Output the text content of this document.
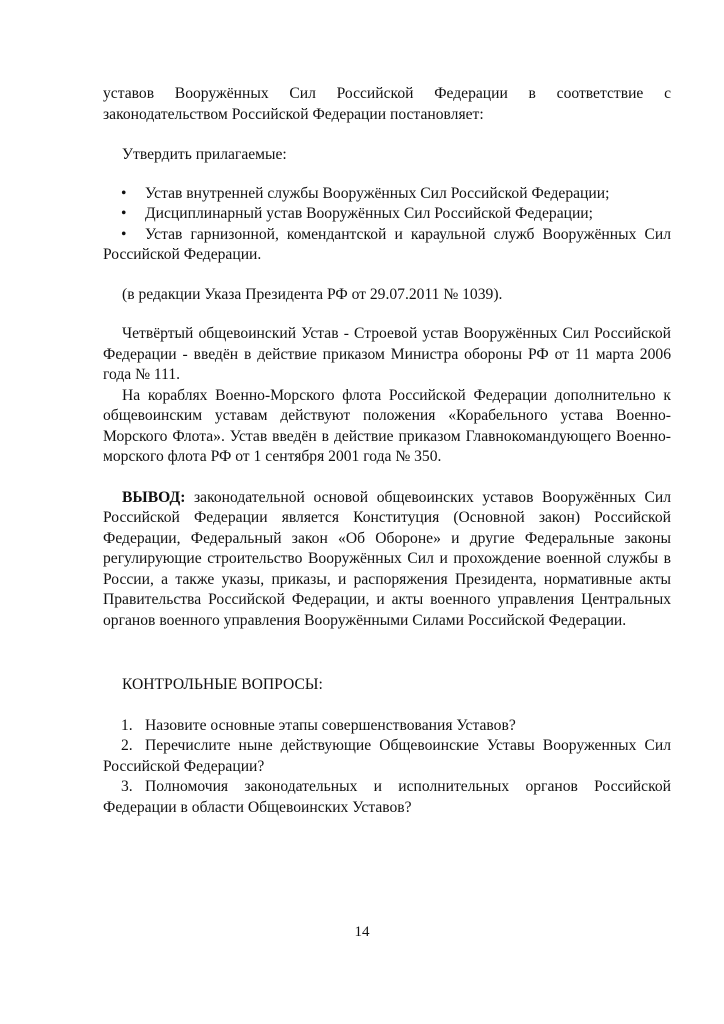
уставов Вооружённых Сил Российской Федерации в соответствие с законодательством Российской Федерации постановляет:

Утвердить прилагаемые:

• Устав внутренней службы Вооружённых Сил Российской Федерации;
• Дисциплинарный устав Вооружённых Сил Российской Федерации;
• Устав гарнизонной, комендантской и караульной служб Вооружённых Сил Российской Федерации.

(в редакции Указа Президента РФ от 29.07.2011 № 1039).

Четвёртый общевоинский Устав - Строевой устав Вооружённых Сил Российской Федерации - введён в действие приказом Министра обороны РФ от 11 марта 2006 года № 111.

На кораблях Военно-Морского флота Российской Федерации дополнительно к общевоинским уставам действуют положения «Корабельного устава Военно-Морского Флота». Устав введён в действие приказом Главнокомандующего Военно-морского флота РФ от 1 сентября 2001 года № 350.

ВЫВОД: законодательной основой общевоинских уставов Вооружённых Сил Российской Федерации является Конституция (Основной закон) Российской Федерации, Федеральный закон «Об Обороне» и другие Федеральные законы регулирующие строительство Вооружённых Сил и прохождение военной службы в России, а также указы, приказы, и распоряжения Президента, нормативные акты Правительства Российской Федерации, и акты военного управления Центральных органов военного управления Вооружёнными Силами Российской Федерации.

КОНТРОЛЬНЫЕ ВОПРОСЫ:

1. Назовите основные этапы совершенствования Уставов?
2. Перечислите ныне действующие Общевоинские Уставы Вооруженных Сил Российской Федерации?
3. Полномочия законодательных и исполнительных органов Российской Федерации в области Общевоинских Уставов?
14
